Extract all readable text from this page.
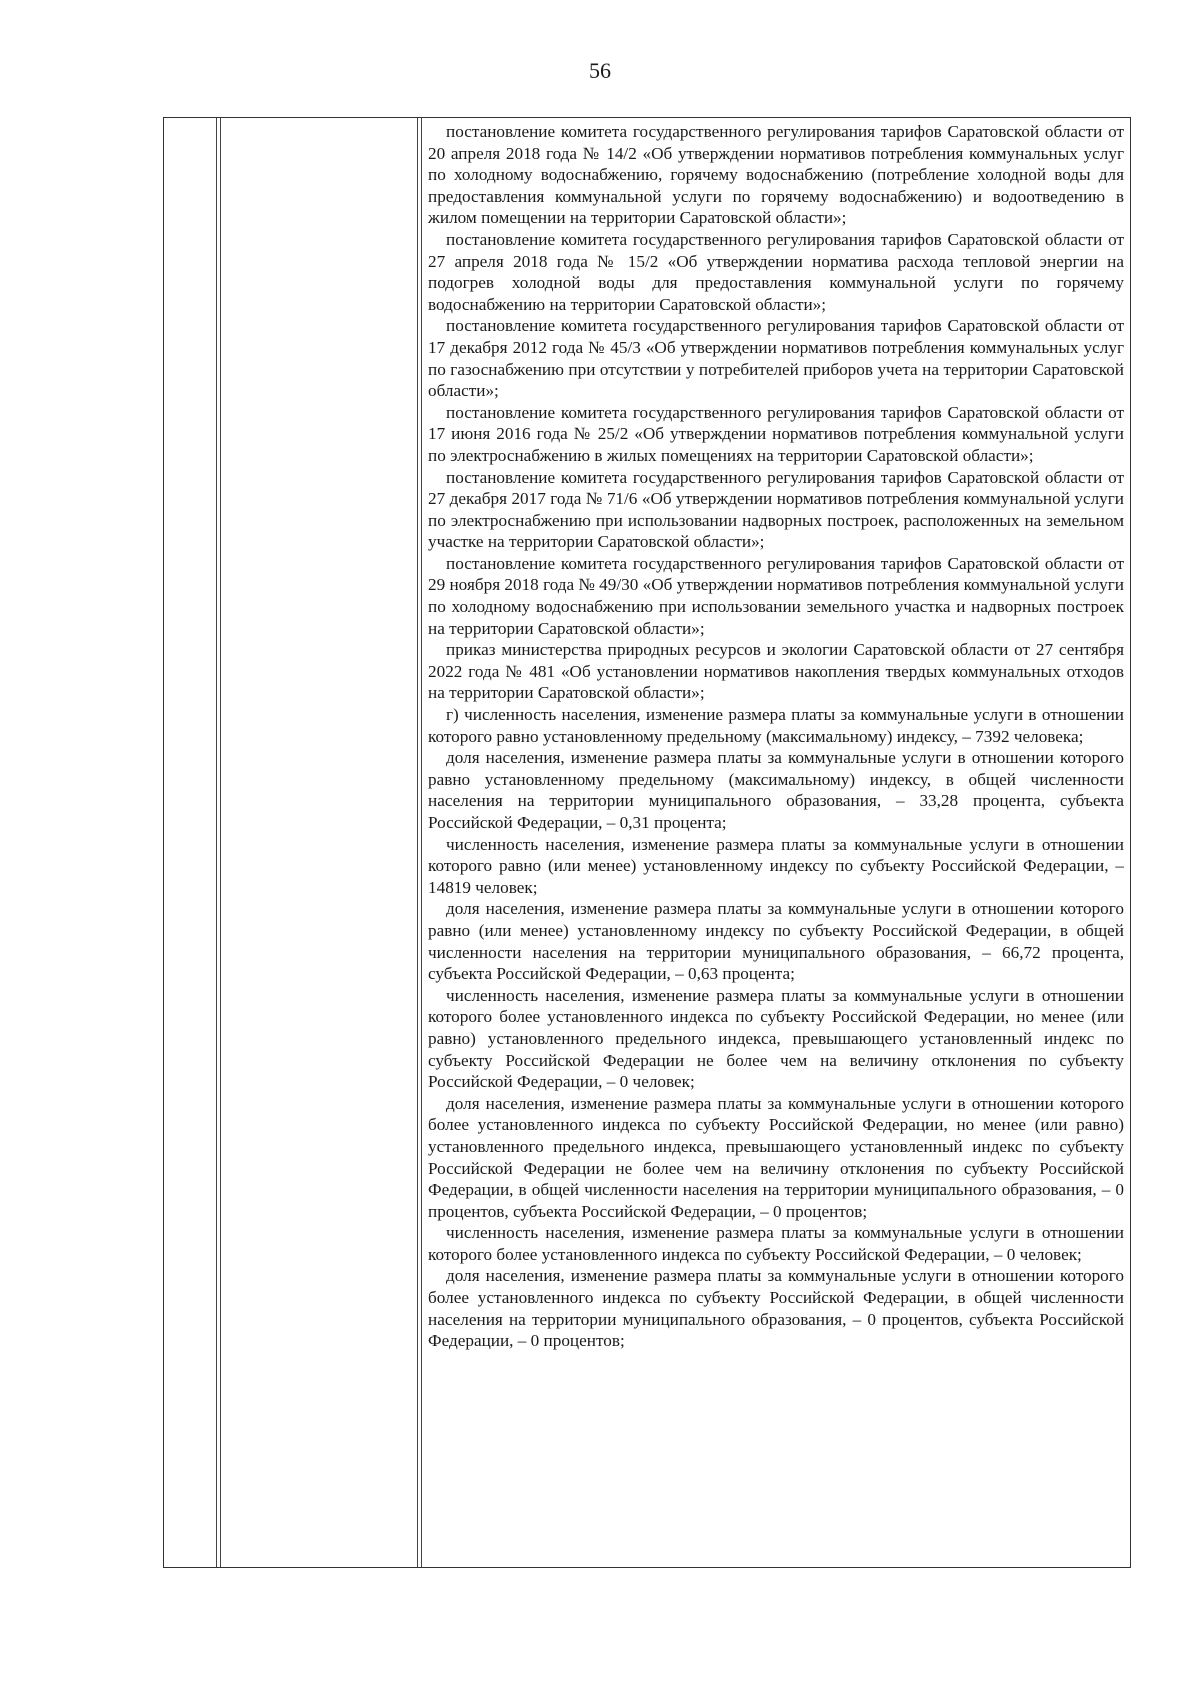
56

постановление комитета государственного регулирования тарифов Саратовской области от 20 апреля 2018 года № 14/2 «Об утверждении нормативов потребления коммунальных услуг по холодному водоснабжению, горячему водоснабжению (потребление холодной воды для предоставления коммунальной услуги по горячему водоснабжению) и водоотведению в жилом помещении на территории Саратовской области»;

постановление комитета государственного регулирования тарифов Саратовской области от 27 апреля 2018 года № 15/2 «Об утверждении норматива расхода тепловой энергии на подогрев холодной воды для предоставления коммунальной услуги по горячему водоснабжению на территории Саратовской области»;

постановление комитета государственного регулирования тарифов Саратовской области от 17 декабря 2012 года № 45/3 «Об утверждении нормативов потребления коммунальных услуг по газоснабжению при отсутствии у потребителей приборов учета на территории Саратовской области»;

постановление комитета государственного регулирования тарифов Саратовской области от 17 июня 2016 года № 25/2 «Об утверждении нормативов потребления коммунальной услуги по электроснабжению в жилых помещениях на территории Саратовской области»;

постановление комитета государственного регулирования тарифов Саратовской области от 27 декабря 2017 года № 71/6 «Об утверждении нормативов потребления коммунальной услуги по электроснабжению при использовании надворных построек, расположенных на земельном участке на территории Саратовской области»;

постановление комитета государственного регулирования тарифов Саратовской области от 29 ноября 2018 года № 49/30 «Об утверждении нормативов потребления коммунальной услуги по холодному водоснабжению при использовании земельного участка и надворных построек на территории Саратовской области»;

приказ министерства природных ресурсов и экологии Саратовской области от 27 сентября 2022 года № 481 «Об установлении нормативов накопления твердых коммунальных отходов на территории Саратовской области»;

г) численность населения, изменение размера платы за коммунальные услуги в отношении которого равно установленному предельному (максимальному) индексу, – 7392 человека;

доля населения, изменение размера платы за коммунальные услуги в отношении которого равно установленному предельному (максимальному) индексу, в общей численности населения на территории муниципального образования, – 33,28 процента, субъекта Российской Федерации, – 0,31 процента;

численность населения, изменение размера платы за коммунальные услуги в отношении которого равно (или менее) установленному индексу по субъекту Российской Федерации, – 14819 человек;

доля населения, изменение размера платы за коммунальные услуги в отношении которого равно (или менее) установленному индексу по субъекту Российской Федерации, в общей численности населения на территории муниципального образования, – 66,72 процента, субъекта Российской Федерации, – 0,63 процента;

численность населения, изменение размера платы за коммунальные услуги в отношении которого более установленного индекса по субъекту Российской Федерации, но менее (или равно) установленного предельного индекса, превышающего установленный индекс по субъекту Российской Федерации не более чем на величину отклонения по субъекту Российской Федерации, – 0 человек;

доля населения, изменение размера платы за коммунальные услуги в отношении которого более установленного индекса по субъекту Российской Федерации, но менее (или равно) установленного предельного индекса, превышающего установленный индекс по субъекту Российской Федерации не более чем на величину отклонения по субъекту Российской Федерации, в общей численности населения на территории муниципального образования, – 0 процентов, субъекта Российской Федерации, – 0 процентов;

численность населения, изменение размера платы за коммунальные услуги в отношении которого более установленного индекса по субъекту Российской Федерации, – 0 человек;

доля населения, изменение размера платы за коммунальные услуги в отношении которого более установленного индекса по субъекту Российской Федерации, в общей численности населения на территории муниципального образования, – 0 процентов, субъекта Российской Федерации, – 0 процентов;
